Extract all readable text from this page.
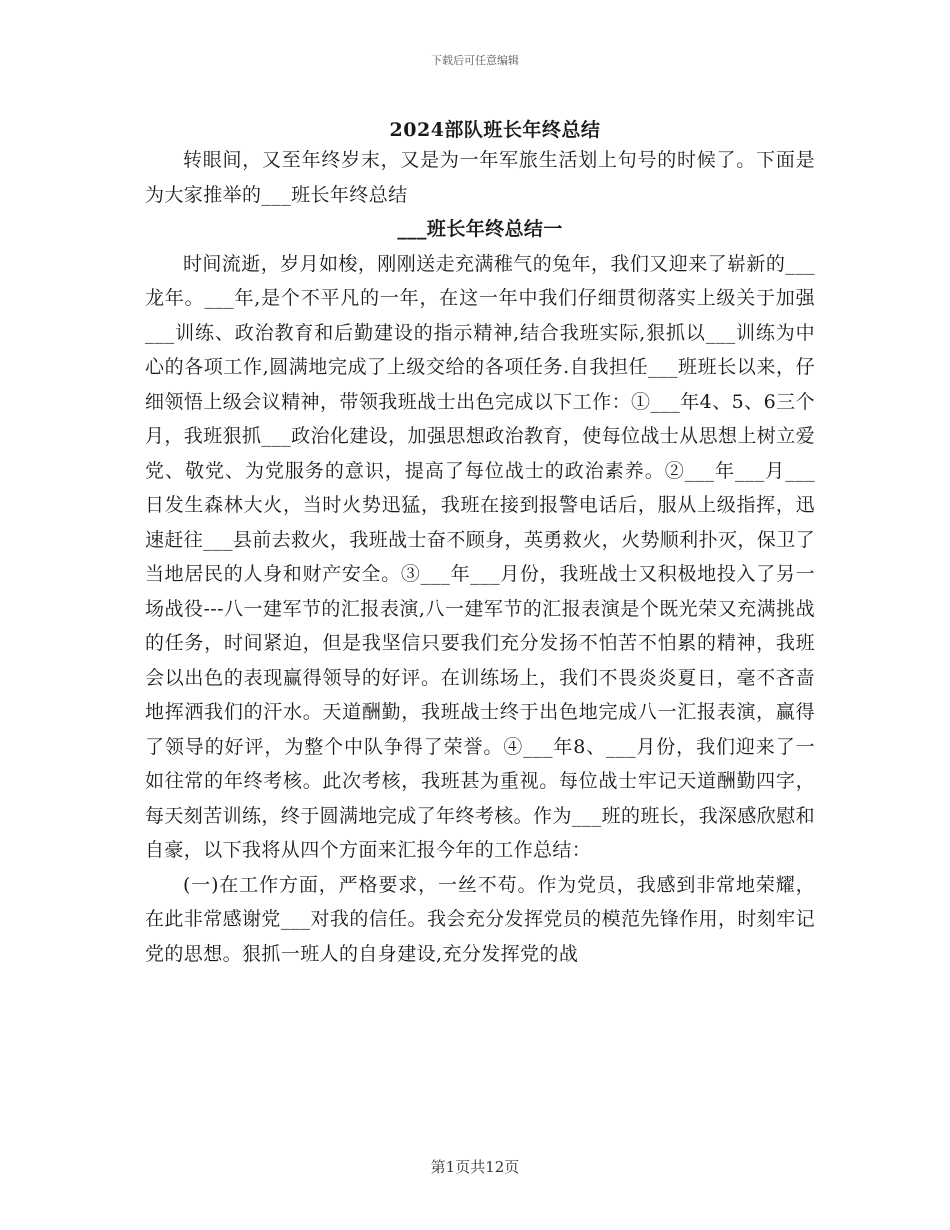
下载后可任意编辑
2024部队班长年终总结

转眼间，又至年终岁末，又是为一年军旅生活划上句号的时候了。下面是为大家推举的___班长年终总结

___班长年终总结一

时间流逝，岁月如梭，刚刚送走充满稚气的兔年，我们又迎来了崭新的___龙年。___年,是个不平凡的一年，在这一年中我们仔细贯彻落实上级关于加强___训练、政治教育和后勤建设的指示精神,结合我班实际,狠抓以___训练为中心的各项工作,圆满地完成了上级交给的各项任务.自我担任___班班长以来，仔细领悟上级会议精神，带领我班战士出色完成以下工作：①___年4、5、6三个月，我班狠抓___政治化建设，加强思想政治教育，使每位战士从思想上树立爱党、敬党、为党服务的意识，提高了每位战士的政治素养。②___年___月___日发生森林大火，当时火势迅猛，我班在接到报警电话后，服从上级指挥，迅速赶往___县前去救火，我班战士奋不顾身，英勇救火，火势顺利扑灭，保卫了当地居民的人身和财产安全。③___年___月份，我班战士又积极地投入了另一场战役---八一建军节的汇报表演,八一建军节的汇报表演是个既光荣又充满挑战的任务，时间紧迫，但是我坚信只要我们充分发扬不怕苦不怕累的精神，我班会以出色的表现赢得领导的好评。在训练场上，我们不畏炎炎夏日，毫不吝啬地挥洒我们的汗水。天道酬勤，我班战士终于出色地完成八一汇报表演，赢得了领导的好评，为整个中队争得了荣誉。④___年8、___月份，我们迎来了一如往常的年终考核。此次考核，我班甚为重视。每位战士牢记天道酬勤四字，每天刻苦训练，终于圆满地完成了年终考核。作为___班的班长，我深感欣慰和自豪，以下我将从四个方面来汇报今年的工作总结：

(一)在工作方面，严格要求，一丝不苟。作为党员，我感到非常地荣耀，在此非常感谢党___对我的信任。我会充分发挥党员的模范先锋作用，时刻牢记党的思想。狠抓一班人的自身建设,充分发挥党的战

第1页共12页
